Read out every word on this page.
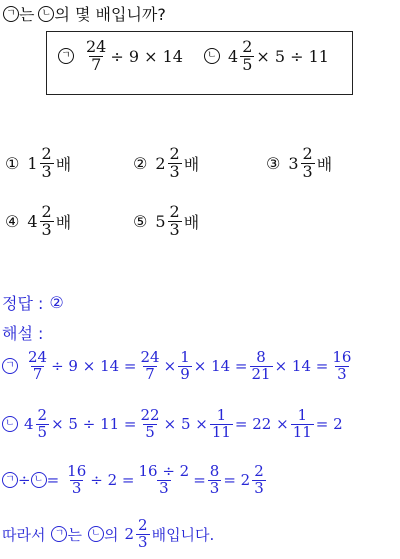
ㄱ 는 ㄴ 의 몇 배입니까?
ㄱ $\frac{24}{7} \div 9 \times 14$	ㄴ $4 \frac{2}{5} \times 5 \div 11$
① $1 \frac{2}{3}$ 배	② $2 \frac{2}{3}$ 배	③ $3 \frac{2}{3}$ 배
④ $4 \frac{2}{3}$ 배	⑤ $5 \frac{2}{3}$ 배
정답 : ②
해설 :
ㄱ $\frac{24}{7} \div 9 \times 14 = \frac{24}{7} \times \frac{1}{9} \times 14 = \frac{8}{21} \times 14 = \frac{16}{3}$
ㄴ $4 \frac{2}{5} \times 5 \div 11 = \frac{22}{5} \times 5 \times \frac{1}{11} = 22 \times \frac{1}{11} = 2$
ㄱ ÷ ㄴ = $\frac{16}{3} \div 2 = \frac{16 \div 2}{3} = \frac{8}{3} = 2 \frac{2}{3}$
따라서 ㄱ 는 ㄴ 의 $2 \frac{2}{3}$ 배입니다.
